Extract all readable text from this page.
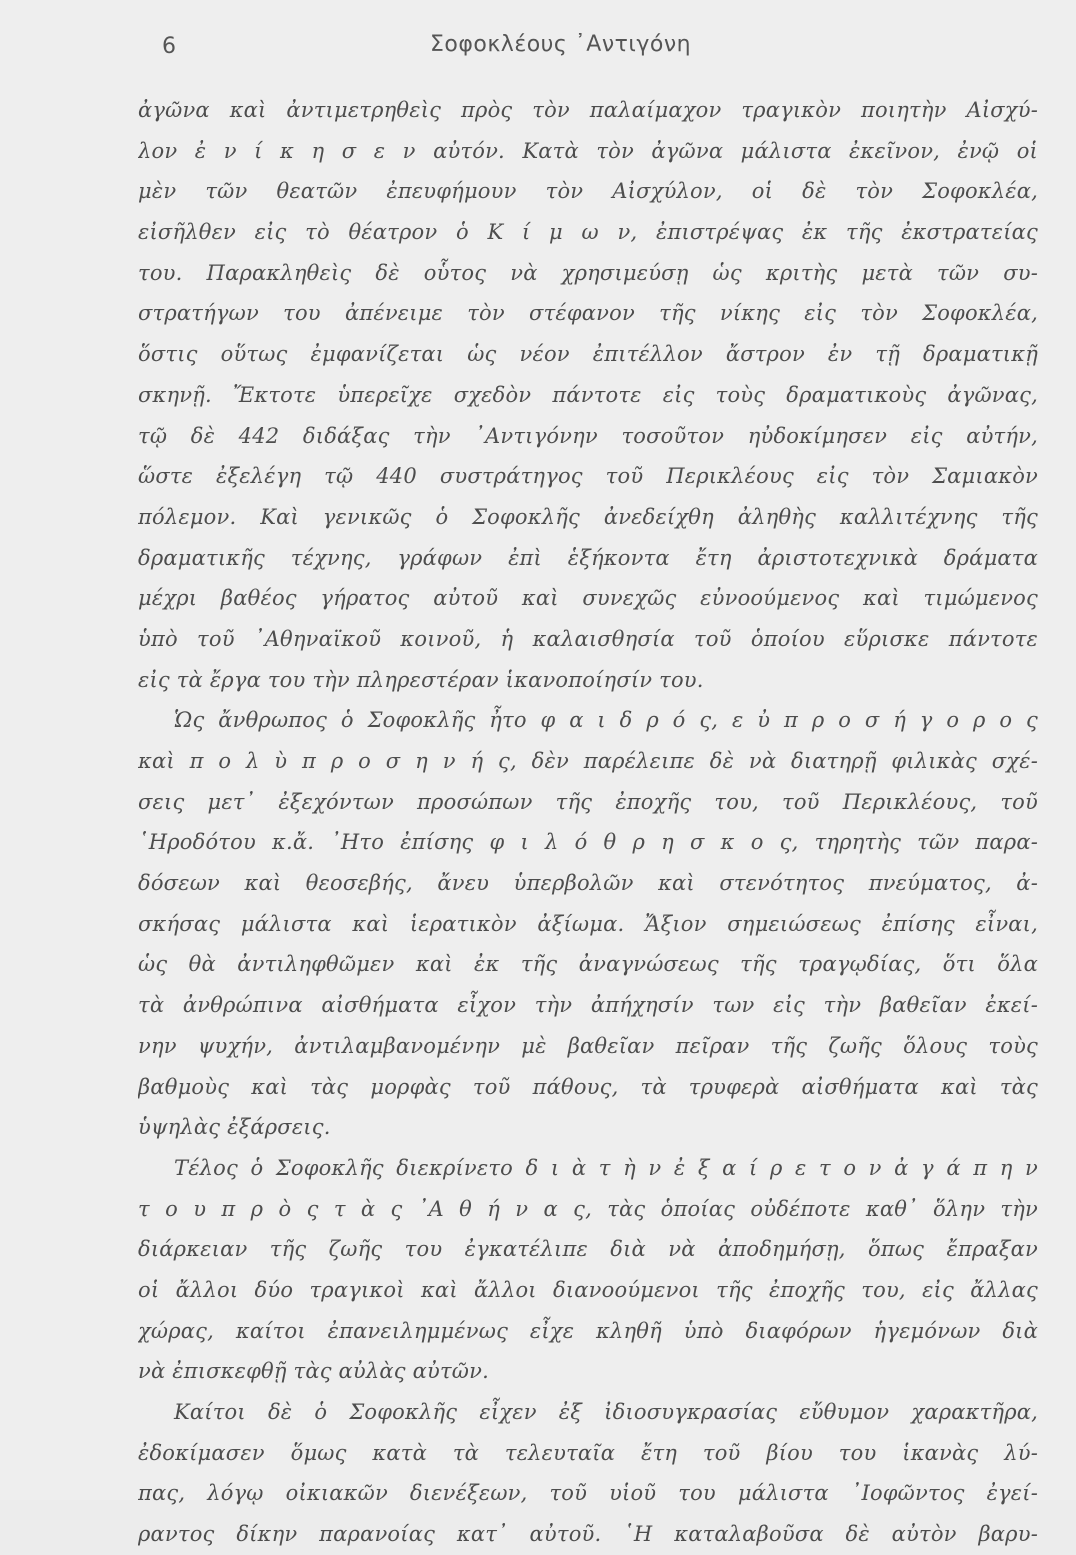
6	Σοφοκλέους ᾽Αντιγόνη
ἀγῶνα καὶ ἀντιμετρηθεὶς πρὸς τὸν παλαίμαχον τραγικὸν ποιητὴν Αἰσχύ-
λον ἐ ν ί κ η σ ε ν αὐτόν. Κατὰ τὸν ἀγῶνα μάλιστα ἐκεῖνον, ἐνῷ οἱ
μὲν τῶν θεατῶν ἐπευφήμουν τὸν Αἰσχύλον, οἱ δὲ τὸν Σοφοκλέα,
εἰσῆλθεν εἰς τὸ θέατρον ὁ Κ ί μ ω ν, ἐπιστρέψας ἐκ τῆς ἐκστρατείας
του. Παρακληθεὶς δὲ οὗτος νὰ χρησιμεύσῃ ὡς κριτὴς μετὰ τῶν συ-
στρατήγων του ἀπένειμε τὸν στέφανον τῆς νίκης εἰς τὸν Σοφοκλέα,
ὅστις οὕτως ἐμφανίζεται ὡς νέον ἐπιτέλλον ἄστρον ἐν τῇ δραματικῇ
σκηνῇ. Ἔκτοτε ὑπερεῖχε σχεδὸν πάντοτε εἰς τοὺς δραματικοὺς ἀγῶνας,
τῷ δὲ 442 διδάξας τὴν ᾽Αντιγόνην τοσοῦτον ηὐδοκίμησεν εἰς αὐτήν,
ὥστε ἐξελέγη τῷ 440 συστράτηγος τοῦ Περικλέους εἰς τὸν Σαμιακὸν
πόλεμον. Καὶ γενικῶς ὁ Σοφοκλῆς ἀνεδείχθη ἀληθὴς καλλιτέχνης τῆς
δραματικῆς τέχνης, γράφων ἐπὶ ἑξήκοντα ἔτη ἀριστοτεχνικὰ δράματα
μέχρι βαθέος γήρατος αὐτοῦ καὶ συνεχῶς εὐνοούμενος καὶ τιμώμενος
ὑπὸ τοῦ ᾽Αθηναϊκοῦ κοινοῦ, ἡ καλαισθησία τοῦ ὁποίου εὕρισκε πάντοτε
εἰς τὰ ἔργα του τὴν πληρεστέραν ἱκανοποίησίν του.
Ὡς ἄνθρωπος ὁ Σοφοκλῆς ἦτο φ α ι δ ρ ό ς, ε ὐ π ρ ο σ ή γ ο ρ ο ς
καὶ π ο λ ὺ π ρ ο σ η ν ή ς, δὲν παρέλειπε δὲ νὰ διατηρῇ φιλικὰς σχέ-
σεις μετ᾽ ἐξεχόντων προσώπων τῆς ἐποχῆς του, τοῦ Περικλέους, τοῦ
῾Ηροδότου κ.ἄ. ᾽Ητο ἐπίσης φ ι λ ό θ ρ η σ κ ο ς, τηρητὴς τῶν παρα-
δόσεων καὶ θεοσεβής, ἄνευ ὑπερβολῶν καὶ στενότητος πνεύματος, ἀ-
σκήσας μάλιστα καὶ ἱερατικὸν ἀξίωμα. Ἄξιον σημειώσεως ἐπίσης εἶναι,
ὡς θὰ ἀντιληφθῶμεν καὶ ἐκ τῆς ἀναγνώσεως τῆς τραγῳδίας, ὅτι ὅλα
τὰ ἀνθρώπινα αἰσθήματα εἶχον τὴν ἀπήχησίν των εἰς τὴν βαθεῖαν ἐκεί-
νην ψυχήν, ἀντιλαμβανομένην μὲ βαθεῖαν πεῖραν τῆς ζωῆς ὅλους τοὺς
βαθμοὺς καὶ τὰς μορφὰς τοῦ πάθους, τὰ τρυφερὰ αἰσθήματα καὶ τὰς
ὑψηλὰς ἐξάρσεις.
Τέλος ὁ Σοφοκλῆς διεκρίνετο δ ι ὰ τ ὴ ν ἐ ξ α ί ρ ε τ ο ν ἀ γ ά π η ν
τ ο υ π ρ ὸ ς τ ὰ ς ᾽Α θ ή ν α ς, τὰς ὁποίας οὐδέποτε καθ᾽ ὅλην τὴν
διάρκειαν τῆς ζωῆς του ἐγκατέλιπε διὰ νὰ ἀποδημήσῃ, ὅπως ἔπραξαν
οἱ ἄλλοι δύο τραγικοὶ καὶ ἄλλοι διανοούμενοι τῆς ἐποχῆς του, εἰς ἄλλας
χώρας, καίτοι ἐπανειλημμένως εἶχε κληθῆ ὑπὸ διαφόρων ἡγεμόνων διὰ
νὰ ἐπισκεφθῇ τὰς αὐλὰς αὐτῶν.
Καίτοι δὲ ὁ Σοφοκλῆς εἶχεν ἐξ ἰδιοσυγκρασίας εὔθυμον χαρακτῆρα,
ἐδοκίμασεν ὅμως κατὰ τὰ τελευταῖα ἔτη τοῦ βίου του ἱκανὰς λύ-
πας, λόγῳ οἰκιακῶν διενέξεων, τοῦ υἱοῦ του μάλιστα ᾽Ιοφῶντος ἐγεί-
ραντος δίκην παρανοίας κατ᾽ αὐτοῦ. ῾Η καταλαβοῦσα δὲ αὐτὸν βαρυ-
